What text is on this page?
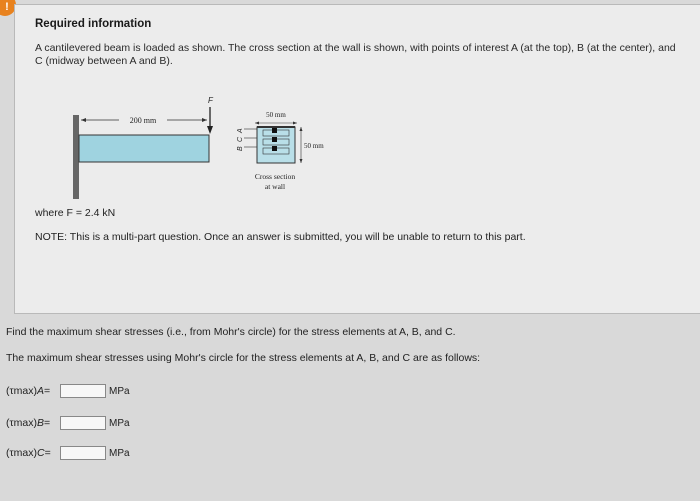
!
Required information
A cantilevered beam is loaded as shown. The cross section at the wall is shown, with points of interest A (at the top), B (at the center), and C (midway between A and B).
200 mm
F
A
C
B
50 mm
50 mm
Cross section
at wall
where F = 2.4 kN
NOTE: This is a multi-part question. Once an answer is submitted, you will be unable to return to this part.
Find the maximum shear stresses (i.e., from Mohr's circle) for the stress elements at A, B, and C.
The maximum shear stresses using Mohr's circle for the stress elements at A, B, and C are as follows:
(τmax)A=	MPa
(τmax)B=	MPa
(τmax)C=	MPa
